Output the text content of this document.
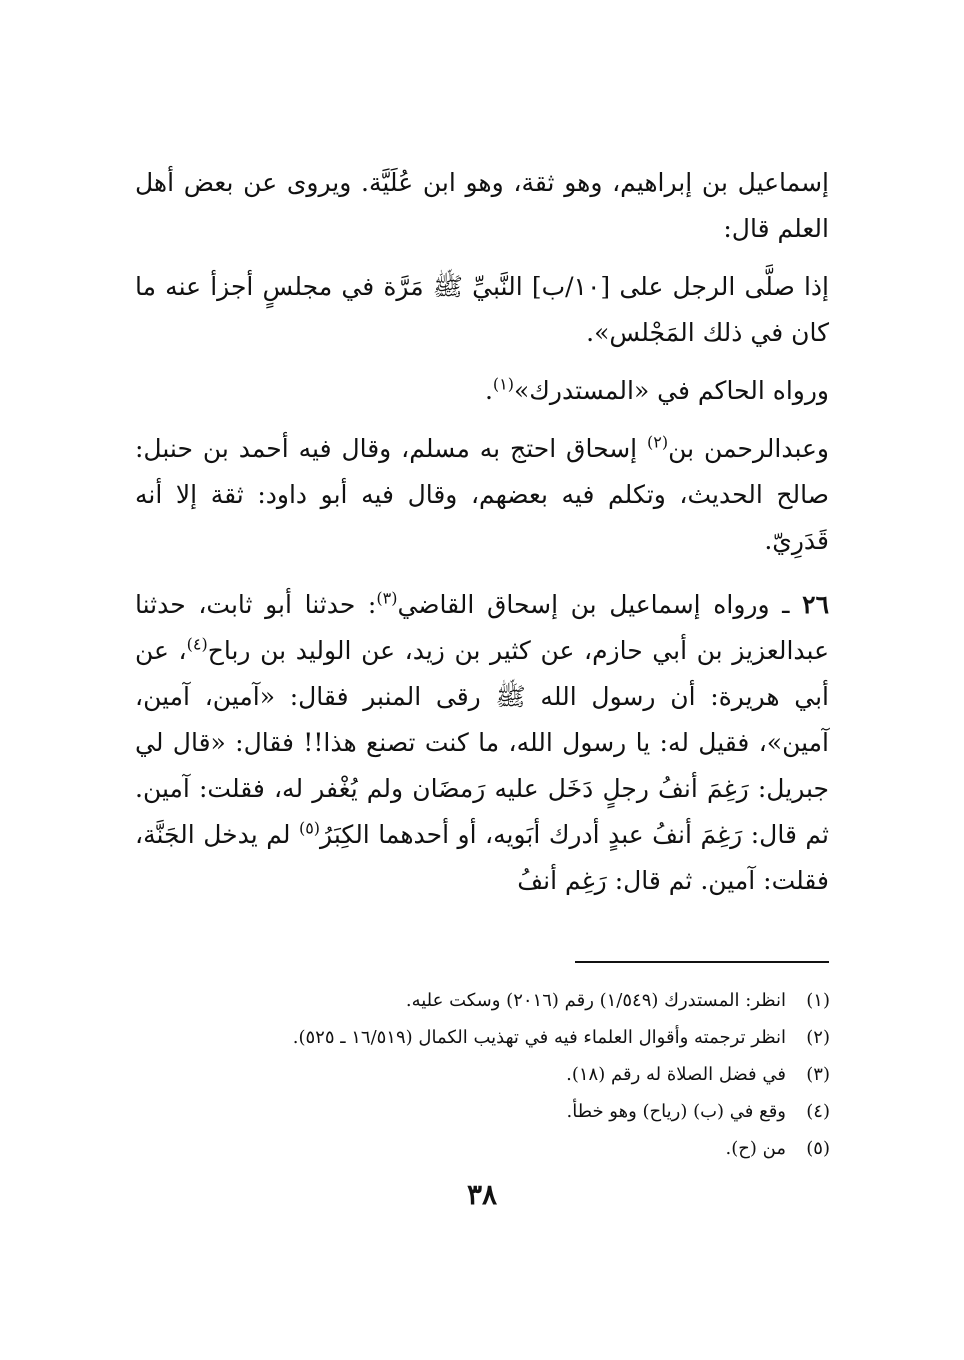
إسماعيل بن إبراهيم، وهو ثقة، وهو ابن عُلَيَّة. ويروى عن بعض أهل العلم قال:

إذا صلَّى الرجل على [١٠/ب] النَّبيِّ ﷺ مَرَّة في مجلسٍ أجزأ عنه ما كان في ذلك المَجْلس».

ورواه الحاكم في «المستدرك»$^{(١)}$.

وعبدالرحمن بن$^{(٢)}$ إسحاق احتج به مسلم، وقال فيه أحمد بن حنبل: صالح الحديث، وتكلم فيه بعضهم، وقال فيه أبو داود: ثقة إلا أنه قَدَرِيّ.

٢٦ ـ ورواه إسماعيل بن إسحاق القاضي$^{(٣)}$: حدثنا أبو ثابت، حدثنا عبدالعزيز بن أبي حازم، عن كثير بن زيد، عن الوليد بن رباح$^{(٤)}$، عن أبي هريرة: أن رسول الله ﷺ رقى المنبر فقال: «آمين، آمين، آمين»، فقيل له: يا رسول الله، ما كنت تصنع هذا!! فقال: «قال لي جبريل: رَغِمَ أنفُ رجلٍ دَخَل عليه رَمضَان ولم يُغْفر له، فقلت: آمين. ثم قال: رَغِمَ أنفُ عبدٍ أدرك أبَويه، أو أحدهما الكِبَرُ$^{(٥)}$ لم يدخل الجَنَّة، فقلت: آمين. ثم قال: رَغِم أنفُ

(١)
انظر: المستدرك (١/٥٤٩) رقم (٢٠١٦) وسكت عليه.
(٢)
انظر ترجمته وأقوال العلماء فيه في تهذيب الكمال (١٦/٥١٩ ـ ٥٢٥).
(٣)
في فضل الصلاة له رقم (١٨).
(٤)
وقع في (ب) (رياح) وهو خطأ.
(٥)
من (ح).
٣٨
